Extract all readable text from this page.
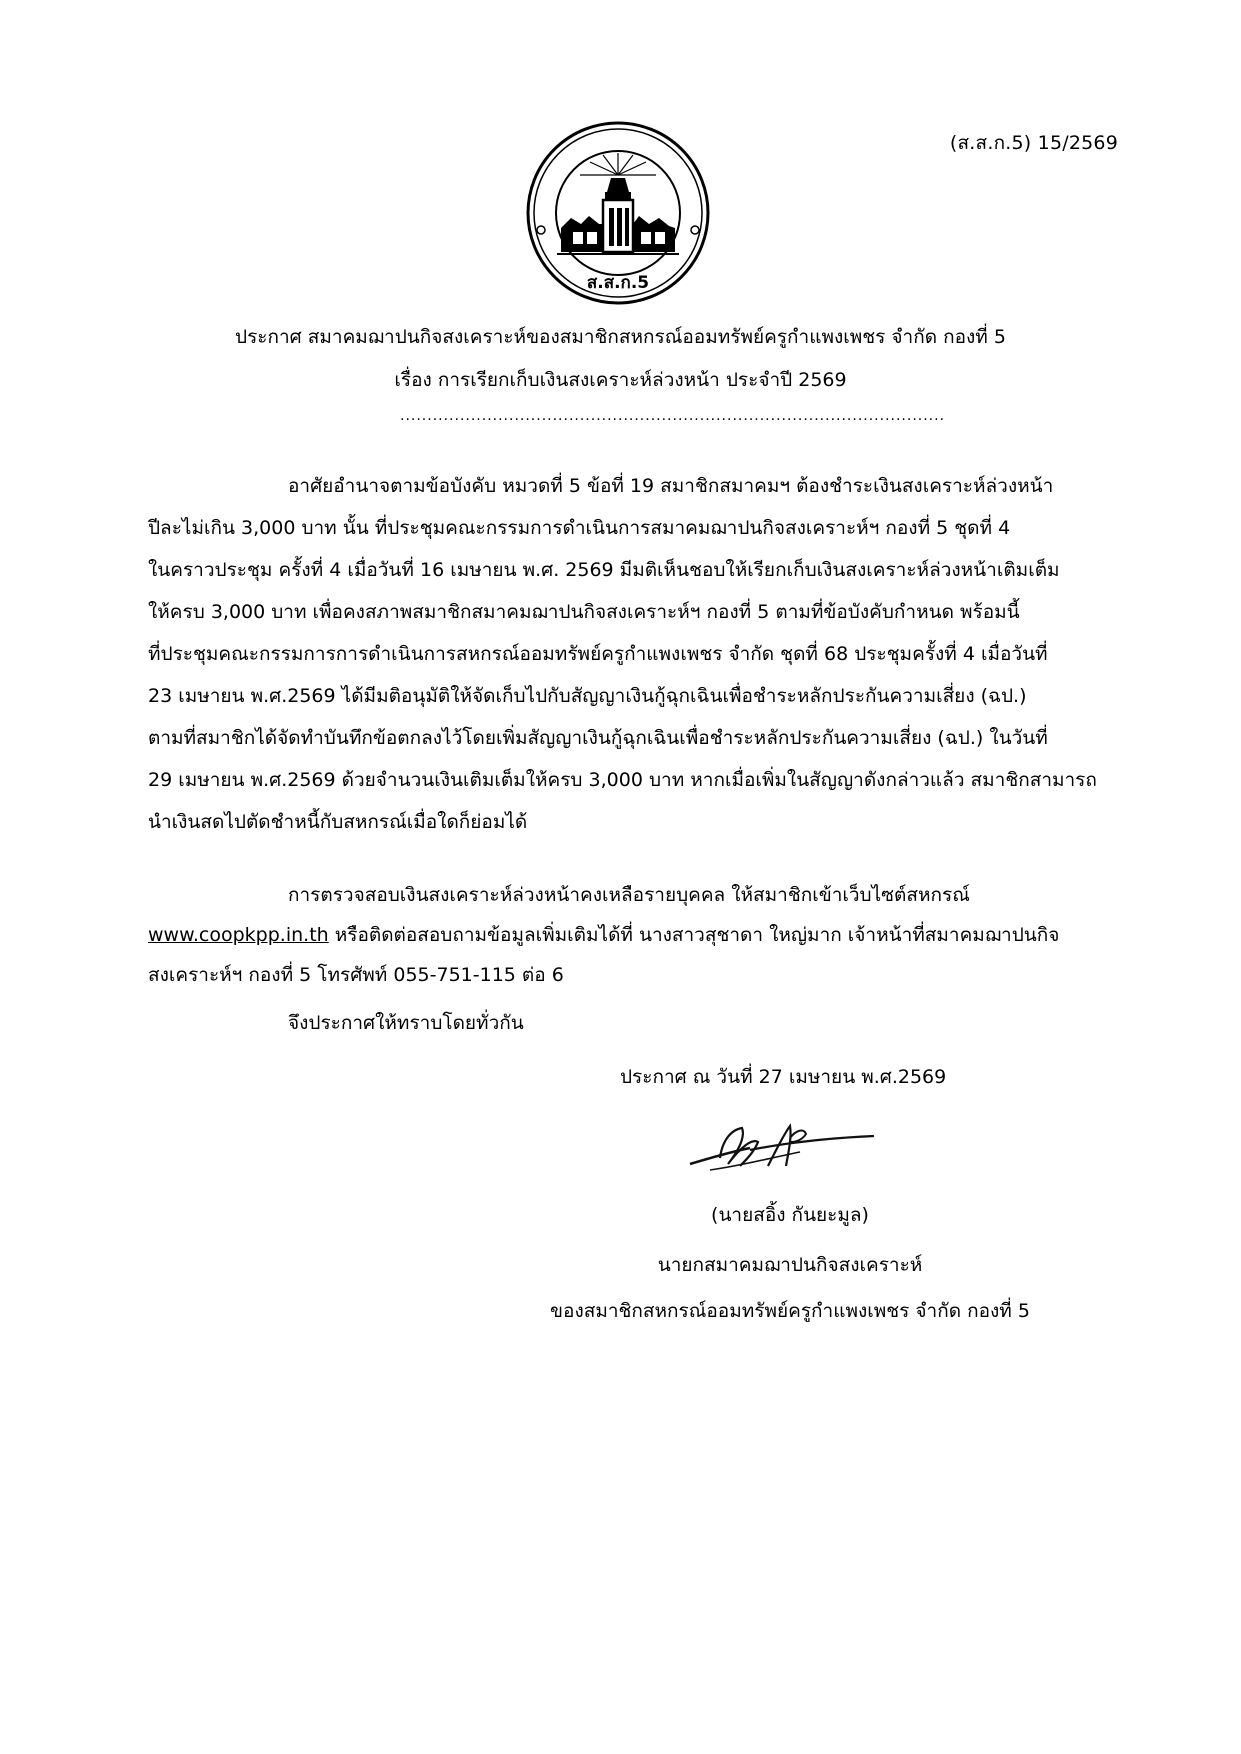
(ส.ส.ก.5) 15/2569
ส.ส.ก.5
ประกาศ สมาคมฌาปนกิจสงเคราะห์ของสมาชิกสหกรณ์ออมทรัพย์ครูกำแพงเพชร จำกัด กองที่ 5
เรื่อง การเรียกเก็บเงินสงเคราะห์ล่วงหน้า ประจำปี 2569
....................................................................................................
อาศัยอำนาจตามข้อบังคับ หมวดที่ 5 ข้อที่ 19 สมาชิกสมาคมฯ ต้องชำระเงินสงเคราะห์ล่วงหน้า
ปีละไม่เกิน 3,000 บาท นั้น ที่ประชุมคณะกรรมการดำเนินการสมาคมฌาปนกิจสงเคราะห์ฯ กองที่ 5 ชุดที่ 4
ในคราวประชุม ครั้งที่ 4 เมื่อวันที่ 16 เมษายน พ.ศ. 2569 มีมติเห็นชอบให้เรียกเก็บเงินสงเคราะห์ล่วงหน้าเติมเต็ม
ให้ครบ 3,000 บาท เพื่อคงสภาพสมาชิกสมาคมฌาปนกิจสงเคราะห์ฯ กองที่ 5 ตามที่ข้อบังคับกำหนด พร้อมนี้
ที่ประชุมคณะกรรมการการดำเนินการสหกรณ์ออมทรัพย์ครูกำแพงเพชร จำกัด ชุดที่ 68 ประชุมครั้งที่ 4 เมื่อวันที่
23 เมษายน พ.ศ.2569 ได้มีมติอนุมัติให้จัดเก็บไปกับสัญญาเงินกู้ฉุกเฉินเพื่อชำระหลักประกันความเสี่ยง (ฉป.)
ตามที่สมาชิกได้จัดทำบันทึกข้อตกลงไว้โดยเพิ่มสัญญาเงินกู้ฉุกเฉินเพื่อชำระหลักประกันความเสี่ยง (ฉป.) ในวันที่
29 เมษายน พ.ศ.2569 ด้วยจำนวนเงินเติมเต็มให้ครบ 3,000 บาท หากเมื่อเพิ่มในสัญญาดังกล่าวแล้ว สมาชิกสามารถ
นำเงินสดไปตัดชำหนี้กับสหกรณ์เมื่อใดก็ย่อมได้
การตรวจสอบเงินสงเคราะห์ล่วงหน้าคงเหลือรายบุคคล ให้สมาชิกเข้าเว็บไซต์สหกรณ์
www.coopkpp.in.th หรือติดต่อสอบถามข้อมูลเพิ่มเติมได้ที่ นางสาวสุชาดา ใหญ่มาก เจ้าหน้าที่สมาคมฌาปนกิจ
สงเคราะห์ฯ กองที่ 5 โทรศัพท์ 055-751-115 ต่อ 6
จึงประกาศให้ทราบโดยทั่วกัน
ประกาศ ณ วันที่ 27 เมษายน พ.ศ.2569
(นายสอิ้ง กันยะมูล)
นายกสมาคมฌาปนกิจสงเคราะห์
ของสมาชิกสหกรณ์ออมทรัพย์ครูกำแพงเพชร จำกัด กองที่ 5
